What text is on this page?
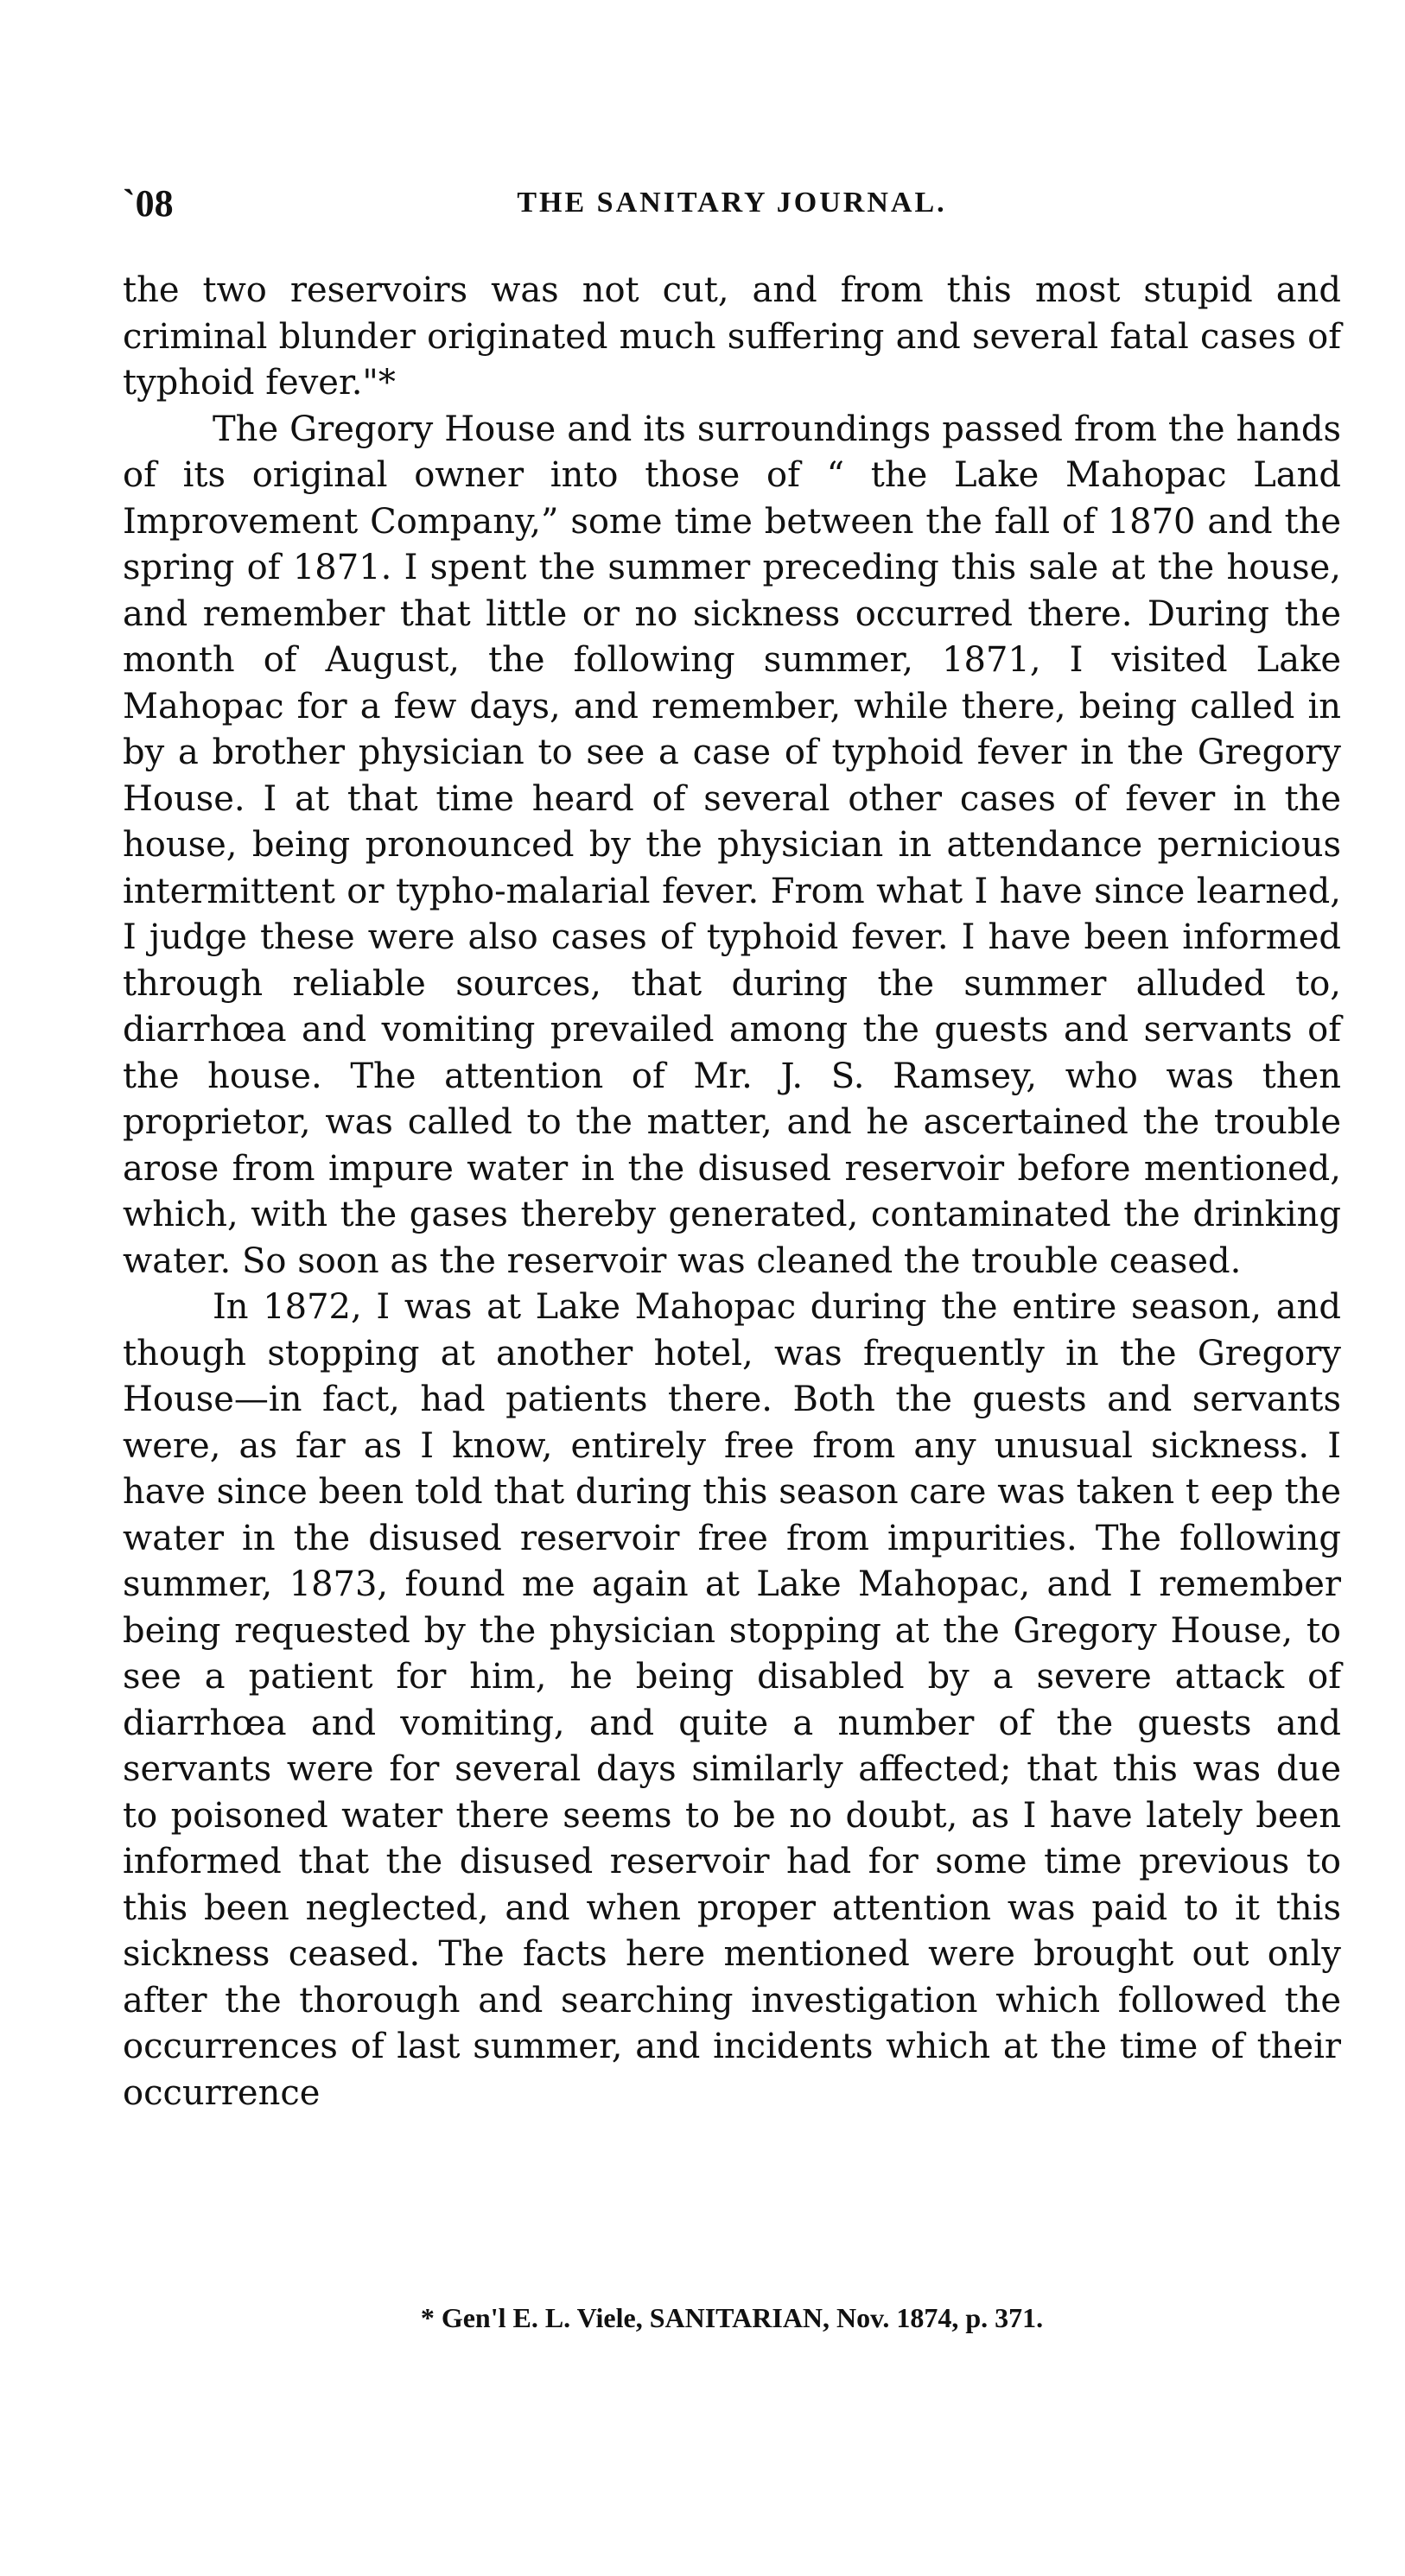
`08	THE SANITARY JOURNAL.

the two reservoirs was not cut, and from this most stupid and criminal blunder originated much suffering and several fatal cases of typhoid fever."*

The Gregory House and its surroundings passed from the hands of its original owner into those of “ the Lake Mahopac Land Improvement Company,” some time between the fall of 1870 and the spring of 1871. I spent the summer preceding this sale at the house, and remember that little or no sickness occurred there. During the month of August, the following summer, 1871, I visited Lake Mahopac for a few days, and remember, while there, being called in by a brother physician to see a case of typhoid fever in the Gregory House. I at that time heard of several other cases of fever in the house, being pronounced by the physician in attendance pernicious intermittent or typho-malarial fever. From what I have since learned, I judge these were also cases of typhoid fever. I have been informed through reliable sources, that during the summer alluded to, diarrhœa and vomiting prevailed among the guests and servants of the house. The attention of Mr. J. S. Ramsey, who was then proprietor, was called to the matter, and he ascertained the trouble arose from impure water in the disused reservoir before mentioned, which, with the gases thereby generated, contaminated the drinking water. So soon as the reservoir was cleaned the trouble ceased.

In 1872, I was at Lake Mahopac during the entire season, and though stopping at another hotel, was frequently in the Gregory House—in fact, had patients there. Both the guests and servants were, as far as I know, entirely free from any unusual sickness. I have since been told that during this season care was taken t eep the water in the disused reservoir free from impurities. The following summer, 1873, found me again at Lake Mahopac, and I remember being requested by the physician stopping at the Gregory House, to see a patient for him, he being disabled by a severe attack of diarrhœa and vomiting, and quite a number of the guests and servants were for several days similarly affected; that this was due to poisoned water there seems to be no doubt, as I have lately been informed that the disused reservoir had for some time previous to this been neglected, and when proper attention was paid to it this sickness ceased. The facts here mentioned were brought out only after the thorough and searching investigation which followed the occurrences of last summer, and incidents which at the time of their occurrence

* Gen'l E. L. Viele, SANITARIAN, Nov. 1874, p. 371.
